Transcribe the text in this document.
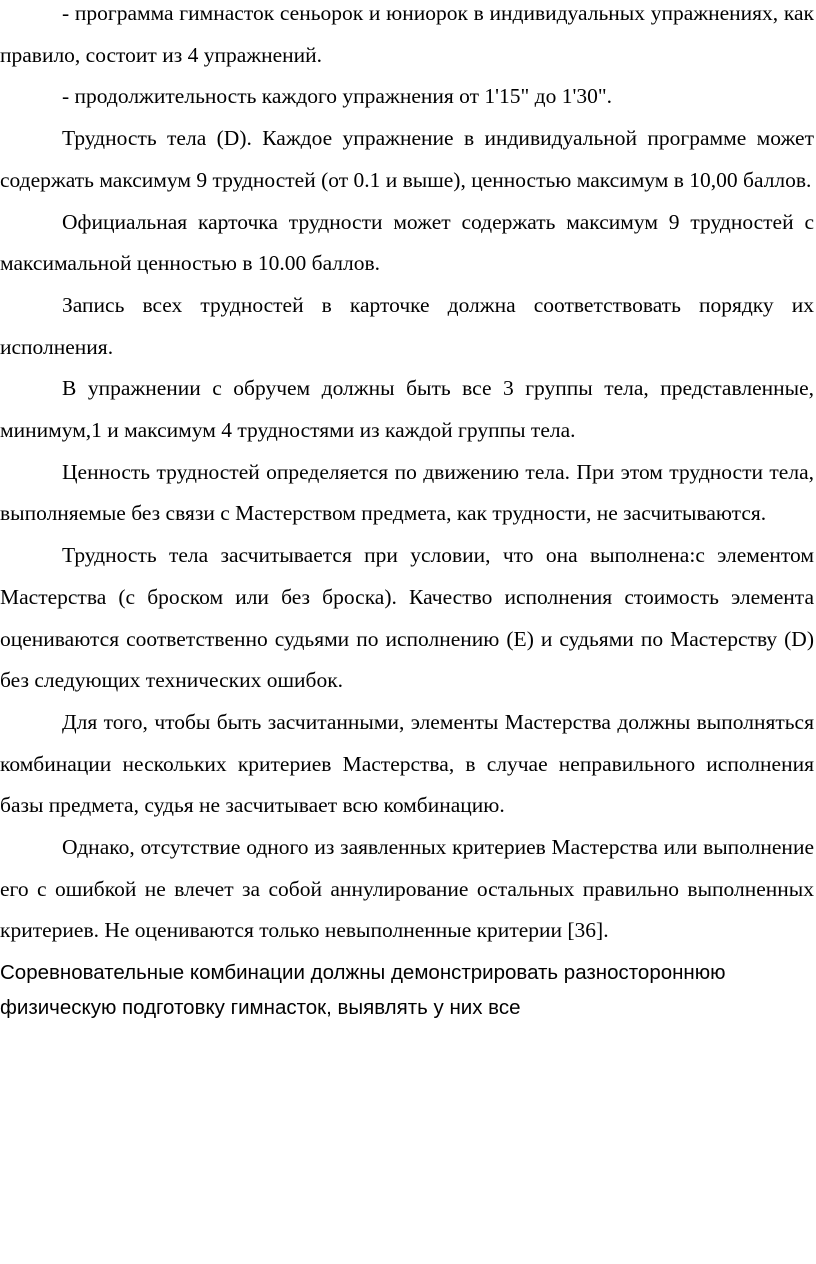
- программа гимнасток сеньорок и юниорок в индивидуальных упражнениях, как правило, состоит из 4 упражнений.

- продолжительность каждого упражнения от 1'15" до 1'30".

Трудность тела (D). Каждое упражнение в индивидуальной программе может содержать максимум 9 трудностей (от 0.1 и выше), ценностью максимум в 10,00 баллов.

Официальная карточка трудности может содержать максимум 9 трудностей с максимальной ценностью в 10.00 баллов.

Запись всех трудностей в карточке должна соответствовать порядку их исполнения.

В упражнении с обручем должны быть все 3 группы тела, представленные, минимум,1 и максимум 4 трудностями из каждой группы тела.

Ценность трудностей определяется по движению тела. При этом трудности тела, выполняемые без связи с Мастерством предмета, как трудности, не засчитываются.

Трудность тела засчитывается при условии, что она выполнена:с элементом Мастерства (с броском или без броска). Качество исполнения стоимость элемента оцениваются соответственно судьями по исполнению (Е) и судьями по Мастерству (D) без следующих технических ошибок.

Для того, чтобы быть засчитанными, элементы Мастерства должны выполняться комбинации нескольких критериев Мастерства, в случае неправильного исполнения базы предмета, судья не засчитывает всю комбинацию.

Однако, отсутствие одного из заявленных критериев Мастерства или выполнение его с ошибкой не влечет за собой аннулирование остальных правильно выполненных критериев. Не оцениваются только невыполненные критерии [36].

Соревновательные комбинации должны демонстрировать разностороннюю
физическую подготовку гимнасток, выявлять у них все
